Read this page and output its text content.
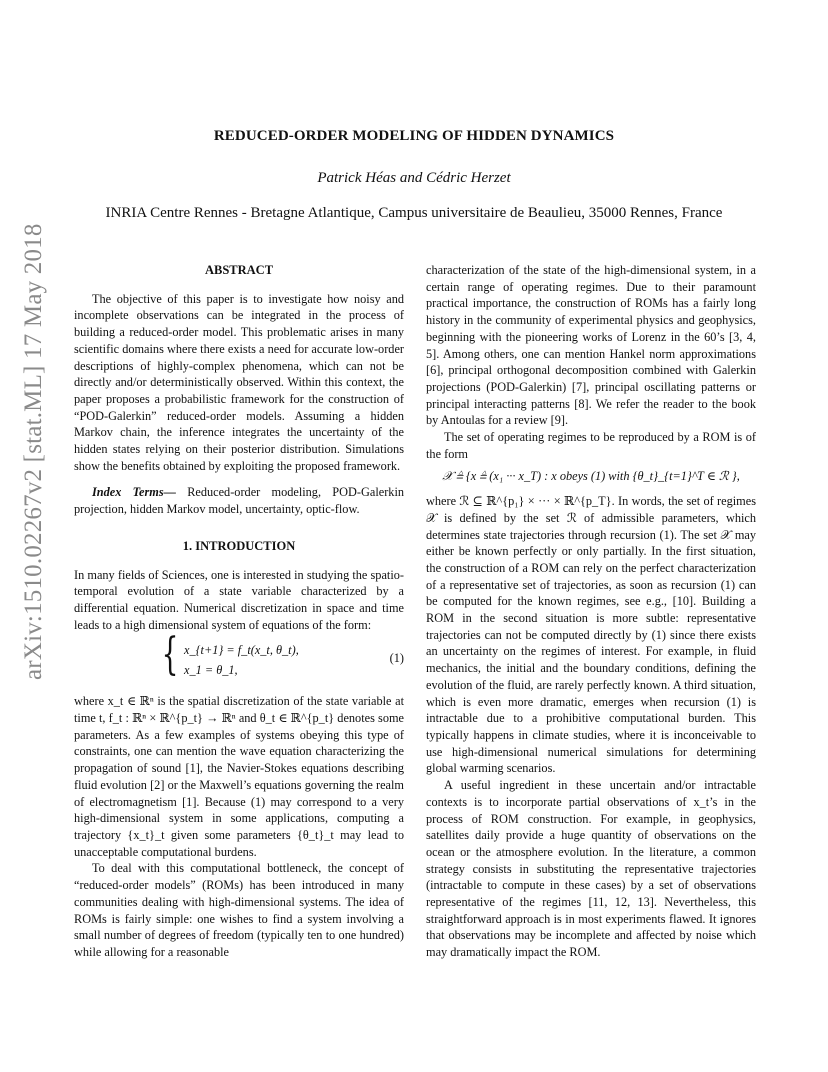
REDUCED-ORDER MODELING OF HIDDEN DYNAMICS
Patrick Héas and Cédric Herzet
INRIA Centre Rennes - Bretagne Atlantique, Campus universitaire de Beaulieu, 35000 Rennes, France
arXiv:1510.02267v2 [stat.ML] 17 May 2018	ABSTRACT

The objective of this paper is to investigate how noisy and incomplete observations can be integrated in the process of building a reduced-order model. This problematic arises in many scientific domains where there exists a need for accurate low-order descriptions of highly-complex phenomena, which can not be directly and/or deterministically observed. Within this context, the paper proposes a probabilistic framework for the construction of “POD-Galerkin” reduced-order models. Assuming a hidden Markov chain, the inference integrates the uncertainty of the hidden states relying on their posterior distribution. Simulations show the benefits obtained by exploiting the proposed framework.

Index Terms— Reduced-order modeling, POD-Galerkin projection, hidden Markov model, uncertainty, optic-flow.

1. INTRODUCTION

In many fields of Sciences, one is interested in studying the spatio-temporal evolution of a state variable characterized by a differential equation. Numerical discretization in space and time leads to a high dimensional system of equations of the form:

{ x_{t+1} = f_t(x_t, θ_t),
x_1 = θ_1,
(1)

where x_t ∈ ℝⁿ is the spatial discretization of the state variable at time t, f_t : ℝⁿ × ℝ^{p_t} → ℝⁿ and θ_t ∈ ℝ^{p_t} denotes some parameters. As a few examples of systems obeying this type of constraints, one can mention the wave equation characterizing the propagation of sound [1], the Navier-Stokes equations describing fluid evolution [2] or the Maxwell’s equations governing the realm of electromagnetism [1]. Because (1) may correspond to a very high-dimensional system in some applications, computing a trajectory {x_t}_t given some parameters {θ_t}_t may lead to unacceptable computational burdens.

To deal with this computational bottleneck, the concept of “reduced-order models” (ROMs) has been introduced in many communities dealing with high-dimensional systems. The idea of ROMs is fairly simple: one wishes to find a system involving a small number of degrees of freedom (typically ten to one hundred) while allowing for a reasonable

characterization of the state of the high-dimensional system, in a certain range of operating regimes. Due to their paramount practical importance, the construction of ROMs has a fairly long history in the community of experimental physics and geophysics, beginning with the pioneering works of Lorenz in the 60’s [3, 4, 5]. Among others, one can mention Hankel norm approximations [6], principal orthogonal decomposition combined with Galerkin projections (POD-Galerkin) [7], principal oscillating patterns or principal interacting patterns [8]. We refer the reader to the book by Antoulas for a review [9].

The set of operating regimes to be reproduced by a ROM is of the form

𝒳 ≜ {x ≜ (x₁ ··· x_T) : x obeys (1) with {θ_t}_{t=1}^T ∈ ℛ },

where ℛ ⊆ ℝ^{p₁} × ··· × ℝ^{p_T}. In words, the set of regimes 𝒳 is defined by the set ℛ of admissible parameters, which determines state trajectories through recursion (1). The set 𝒳 may either be known perfectly or only partially. In the first situation, the construction of a ROM can rely on the perfect characterization of a representative set of trajectories, as soon as recursion (1) can be computed for the known regimes, see e.g., [10]. Building a ROM in the second situation is more subtle: representative trajectories can not be computed directly by (1) since there exists an uncertainty on the regimes of interest. For example, in fluid mechanics, the initial and the boundary conditions, defining the evolution of the fluid, are rarely perfectly known. A third situation, which is even more dramatic, emerges when recursion (1) is intractable due to a prohibitive computational burden. This typically happens in climate studies, where it is inconceivable to use high-dimensional numerical simulations for determining global warming scenarios.

A useful ingredient in these uncertain and/or intractable contexts is to incorporate partial observations of x_t’s in the process of ROM construction. For example, in geophysics, satellites daily provide a huge quantity of observations on the ocean or the atmosphere evolution. In the literature, a common strategy consists in substituting the representative trajectories (intractable to compute in these cases) by a set of observations representative of the regimes [11, 12, 13]. Nevertheless, this straightforward approach is in most experiments flawed. It ignores that observations may be incomplete and affected by noise which may dramatically impact the ROM.
